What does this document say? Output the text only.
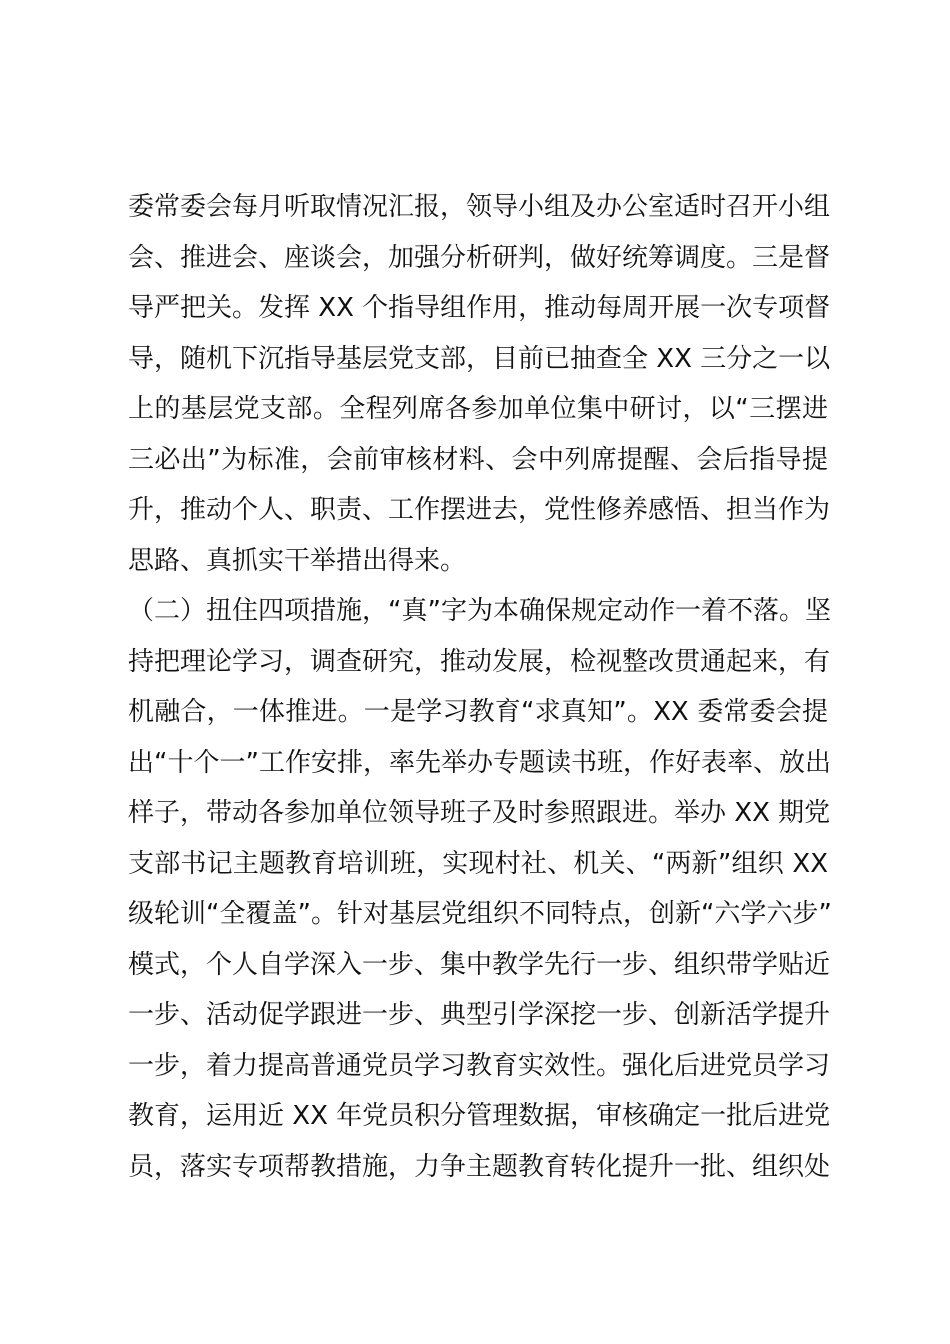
委常委会每月听取情况汇报，领导小组及办公室适时召开小组
会、推进会、座谈会，加强分析研判，做好统筹调度。三是督
导严把关。发挥 XX 个指导组作用，推动每周开展一次专项督
导，随机下沉指导基层党支部，目前已抽查全 XX 三分之一以
上的基层党支部。全程列席各参加单位集中研讨，以“三摆进
三必出”为标准，会前审核材料、会中列席提醒、会后指导提
升，推动个人、职责、工作摆进去，党性修养感悟、担当作为
思路、真抓实干举措出得来。
（二）扭住四项措施，“真”字为本确保规定动作一着不落。坚
持把理论学习，调查研究，推动发展，检视整改贯通起来，有
机融合，一体推进。一是学习教育“求真知”。XX 委常委会提
出“十个一”工作安排，率先举办专题读书班，作好表率、放出
样子，带动各参加单位领导班子及时参照跟进。举办 XX 期党
支部书记主题教育培训班，实现村社、机关、“两新”组织 XX
级轮训“全覆盖”。针对基层党组织不同特点，创新“六学六步”
模式，个人自学深入一步、集中教学先行一步、组织带学贴近
一步、活动促学跟进一步、典型引学深挖一步、创新活学提升
一步，着力提高普通党员学习教育实效性。强化后进党员学习
教育，运用近 XX 年党员积分管理数据，审核确定一批后进党
员，落实专项帮教措施，力争主题教育转化提升一批、组织处
